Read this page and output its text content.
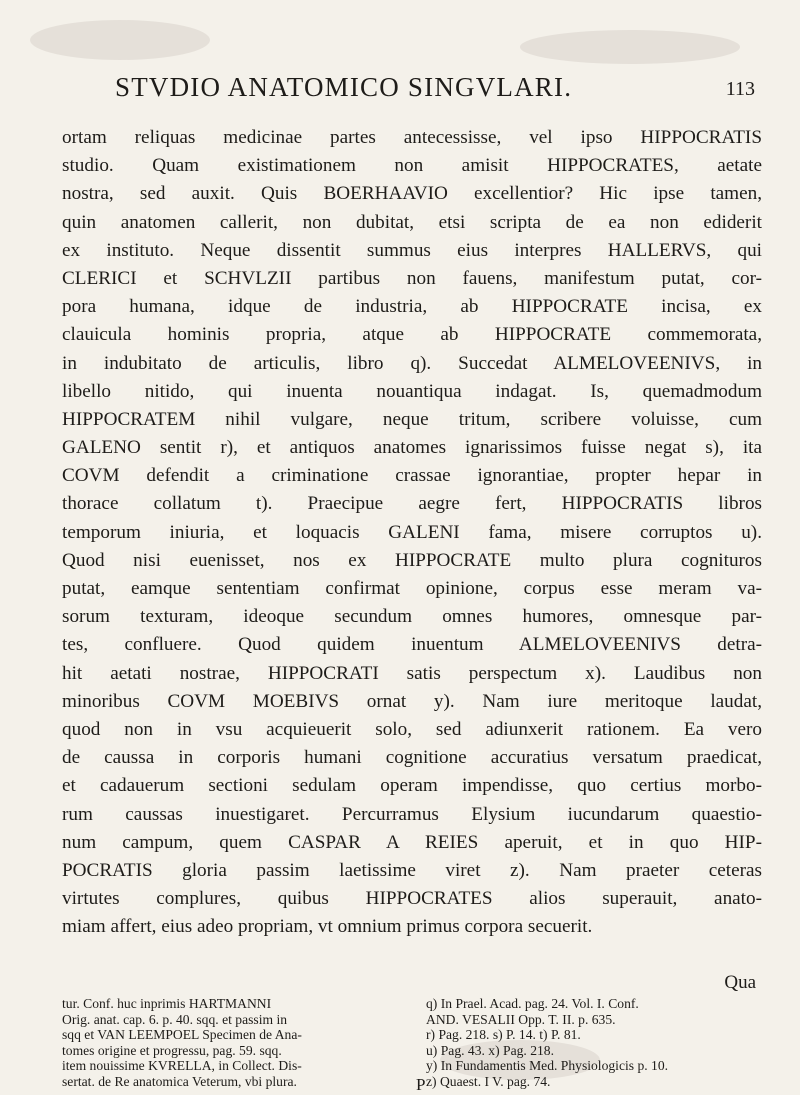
STVDIO ANATOMICO SINGVLARI.	113
ortam reliquas medicinae partes antecessisse, vel ipso HIPPOCRATIS
studio. Quam existimationem non amisit HIPPOCRATES, aetate
nostra, sed auxit. Quis BOERHAAVIO excellentior? Hic ipse tamen,
quin anatomen callerit, non dubitat, etsi scripta de ea non ediderit
ex instituto. Neque dissentit summus eius interpres HALLERVS, qui
CLERICI et SCHVLZII partibus non fauens, manifestum putat, cor-
pora humana, idque de industria, ab HIPPOCRATE incisa, ex
clauicula hominis propria, atque ab HIPPOCRATE commemorata,
in indubitato de articulis, libro q). Succedat ALMELOVEENIVS, in
libello nitido, qui inuenta nouantiqua indagat. Is, quemadmodum
HIPPOCRATEM nihil vulgare, neque tritum, scribere voluisse, cum
GALENO sentit r), et antiquos anatomes ignarissimos fuisse negat s), ita
COVM defendit a criminatione crassae ignorantiae, propter hepar in
thorace collatum t). Praecipue aegre fert, HIPPOCRATIS libros
temporum iniuria, et loquacis GALENI fama, misere corruptos u).
Quod nisi euenisset, nos ex HIPPOCRATE multo plura cognituros
putat, eamque sententiam confirmat opinione, corpus esse meram va-
sorum texturam, ideoque secundum omnes humores, omnesque par-
tes, confluere. Quod quidem inuentum ALMELOVEENIVS detra-
hit aetati nostrae, HIPPOCRATI satis perspectum x). Laudibus non
minoribus COVM MOEBIVS ornat y). Nam iure meritoque laudat,
quod non in vsu acquieuerit solo, sed adiunxerit rationem. Ea vero
de caussa in corporis humani cognitione accuratius versatum praedicat,
et cadauerum sectioni sedulam operam impendisse, quo certius morbo-
rum caussas inuestigaret. Percurramus Elysium iucundarum quaestio-
num campum, quem CASPAR A REIES aperuit, et in quo HIP-
POCRATIS gloria passim laetissime viret z). Nam praeter ceteras
virtutes complures, quibus HIPPOCRATES alios superauit, anato-
miam affert, eius adeo propriam, vt omnium primus corpora secuerit.
Qua
tur. Conf. huc inprimis HARTMANNI
Orig. anat. cap. 6. p. 40. sqq. et passim in
sqq et VAN LEEMPOEL Specimen de Ana-
tomes origine et progressu, pag. 59. sqq.
item nouissime KVRELLA, in Collect. Dis-
sertat. de Re anatomica Veterum, vbi plura.
q) In Prael. Acad. pag. 24. Vol. I. Conf.
AND. VESALII Opp. T. II. p. 635.
r) Pag. 218. s) P. 14. t) P. 81.
u) Pag. 43. x) Pag. 218.
y) In Fundamentis Med. Physiologicis p. 10.
z) Quaest. I V. pag. 74.
P
